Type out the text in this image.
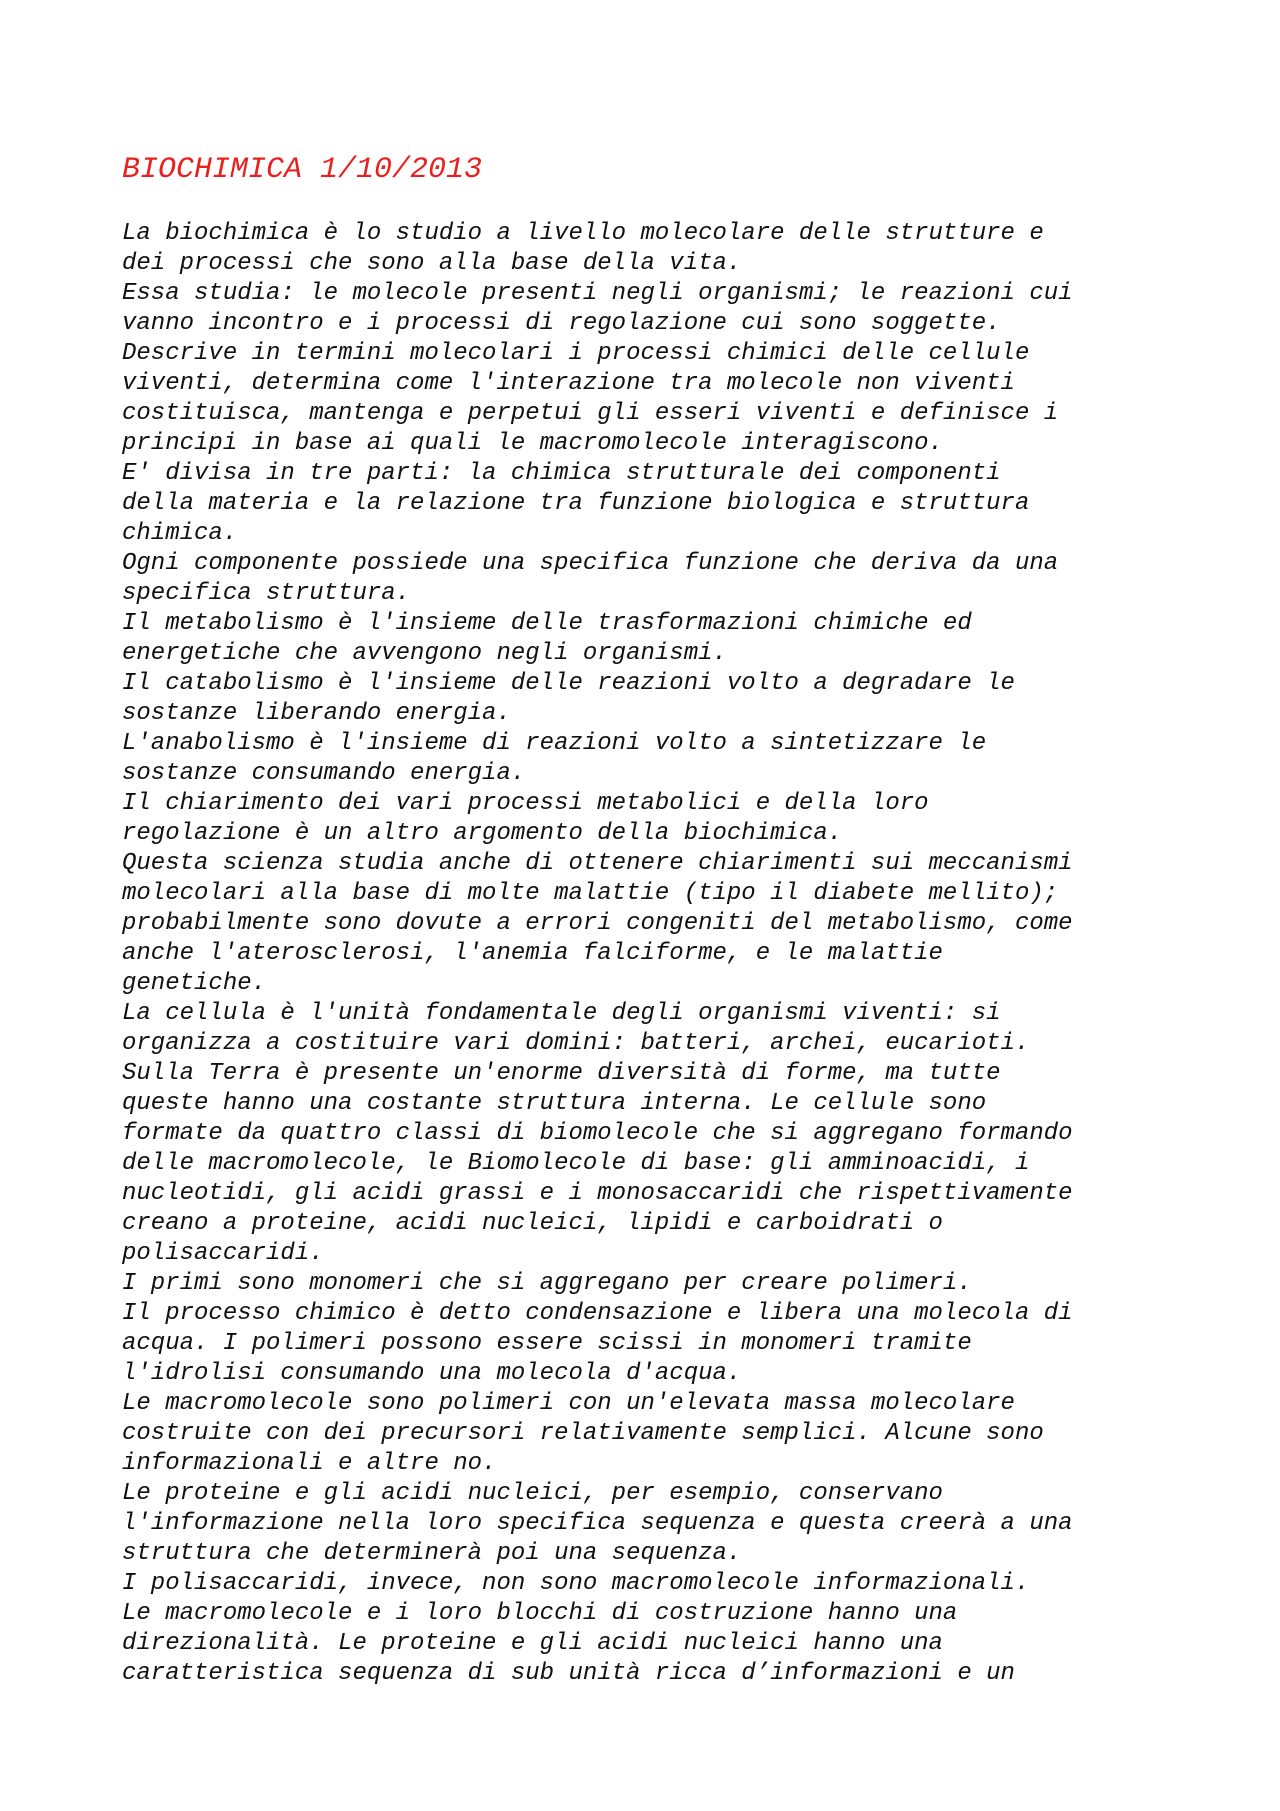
BIOCHIMICA 1/10/2013
La biochimica è lo studio a livello molecolare delle strutture e
dei processi che sono alla base della vita.
Essa studia: le molecole presenti negli organismi; le reazioni cui
vanno incontro e i processi di regolazione cui sono soggette.
Descrive in termini molecolari i processi chimici delle cellule
viventi, determina come l'interazione tra molecole non viventi
costituisca, mantenga e perpetui gli esseri viventi e definisce i
principi in base ai quali le macromolecole interagiscono.
E' divisa in tre parti: la chimica strutturale dei componenti
della materia e la relazione tra funzione biologica e struttura
chimica.
Ogni componente possiede una specifica funzione che deriva da una
specifica struttura.
Il metabolismo è l'insieme delle trasformazioni chimiche ed
energetiche che avvengono negli organismi.
Il catabolismo è l'insieme delle reazioni volto a degradare le
sostanze liberando energia.
L'anabolismo è l'insieme di reazioni volto a sintetizzare le
sostanze consumando energia.
Il chiarimento dei vari processi metabolici e della loro
regolazione è un altro argomento della biochimica.
Questa scienza studia anche di ottenere chiarimenti sui meccanismi
molecolari alla base di molte malattie (tipo il diabete mellito);
probabilmente sono dovute a errori congeniti del metabolismo, come
anche l'aterosclerosi, l'anemia falciforme, e le malattie
genetiche.
La cellula è l'unità fondamentale degli organismi viventi: si
organizza a costituire vari domini: batteri, archei, eucarioti.
Sulla Terra è presente un'enorme diversità di forme, ma tutte
queste hanno una costante struttura interna. Le cellule sono
formate da quattro classi di biomolecole che si aggregano formando
delle macromolecole, le Biomolecole di base: gli amminoacidi, i
nucleotidi, gli acidi grassi e i monosaccaridi che rispettivamente
creano a proteine, acidi nucleici, lipidi e carboidrati o
polisaccaridi.
I primi sono monomeri che si aggregano per creare polimeri.
Il processo chimico è detto condensazione e libera una molecola di
acqua. I polimeri possono essere scissi in monomeri tramite
l'idrolisi consumando una molecola d'acqua.
Le macromolecole sono polimeri con un'elevata massa molecolare
costruite con dei precursori relativamente semplici. Alcune sono
informazionali e altre no.
Le proteine e gli acidi nucleici, per esempio, conservano
l'informazione nella loro specifica sequenza e questa creerà a una
struttura che determinerà poi una sequenza.
I polisaccaridi, invece, non sono macromolecole informazionali.
Le macromolecole e i loro blocchi di costruzione hanno una
direzionalità. Le proteine e gli acidi nucleici hanno una
caratteristica sequenza di sub unità ricca d’informazioni e un
